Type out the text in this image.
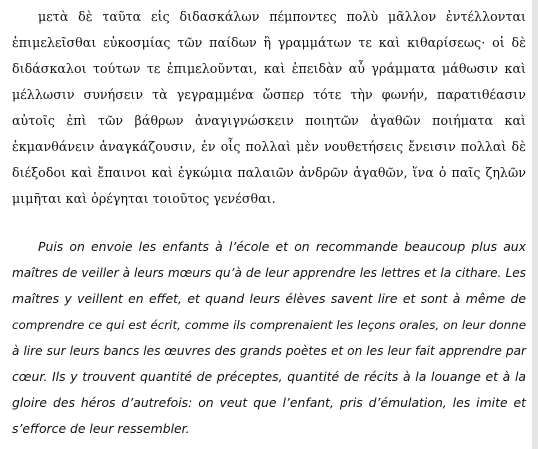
μετὰ δὲ ταῦτα εἰς διδασκάλων πέμποντες πολὺ μᾶλλον ἐντέλλονται
ἐπιμελεῖσθαι εὐκοσμίας τῶν παίδων ἢ γραμμάτων τε καὶ κιθαρίσεως· οἱ δὲ
διδάσκαλοι τούτων τε ἐπιμελοῦνται, καὶ ἐπειδὰν αὖ γράμματα μάθωσιν καὶ
μέλλωσιν συνήσειν τὰ γεγραμμένα ὥσπερ τότε τὴν φωνήν, παρατιθέασιν
αὐτοῖς ἐπὶ τῶν βάθρων ἀναγιγνώσκειν ποιητῶν ἀγαθῶν ποιήματα καὶ
ἐκμανθάνειν ἀναγκάζουσιν, ἐν οἷς πολλαὶ μὲν νουθετήσεις ἔνεισιν πολλαὶ δὲ
διέξοδοι καὶ ἔπαινοι καὶ ἐγκώμια παλαιῶν ἀνδρῶν ἀγαθῶν, ἵνα ὁ παῖς ζηλῶν
μιμῆται καὶ ὀρέγηται τοιοῦτος γενέσθαι.
Puis on envoie les enfants à l’école et on recommande beaucoup plus aux
maîtres de veiller à leurs mœurs qu’à de leur apprendre les lettres et la cithare. Les
maîtres y veillent en effet, et quand leurs élèves savent lire et sont à même de
comprendre ce qui est écrit, comme ils comprenaient les leçons orales, on leur donne
à lire sur leurs bancs les œuvres des grands poètes et on les leur fait apprendre par
cœur. Ils y trouvent quantité de préceptes, quantité de récits à la louange et à la
gloire des héros d’autrefois: on veut que l’enfant, pris d’émulation, les imite et
s’efforce de leur ressembler.
